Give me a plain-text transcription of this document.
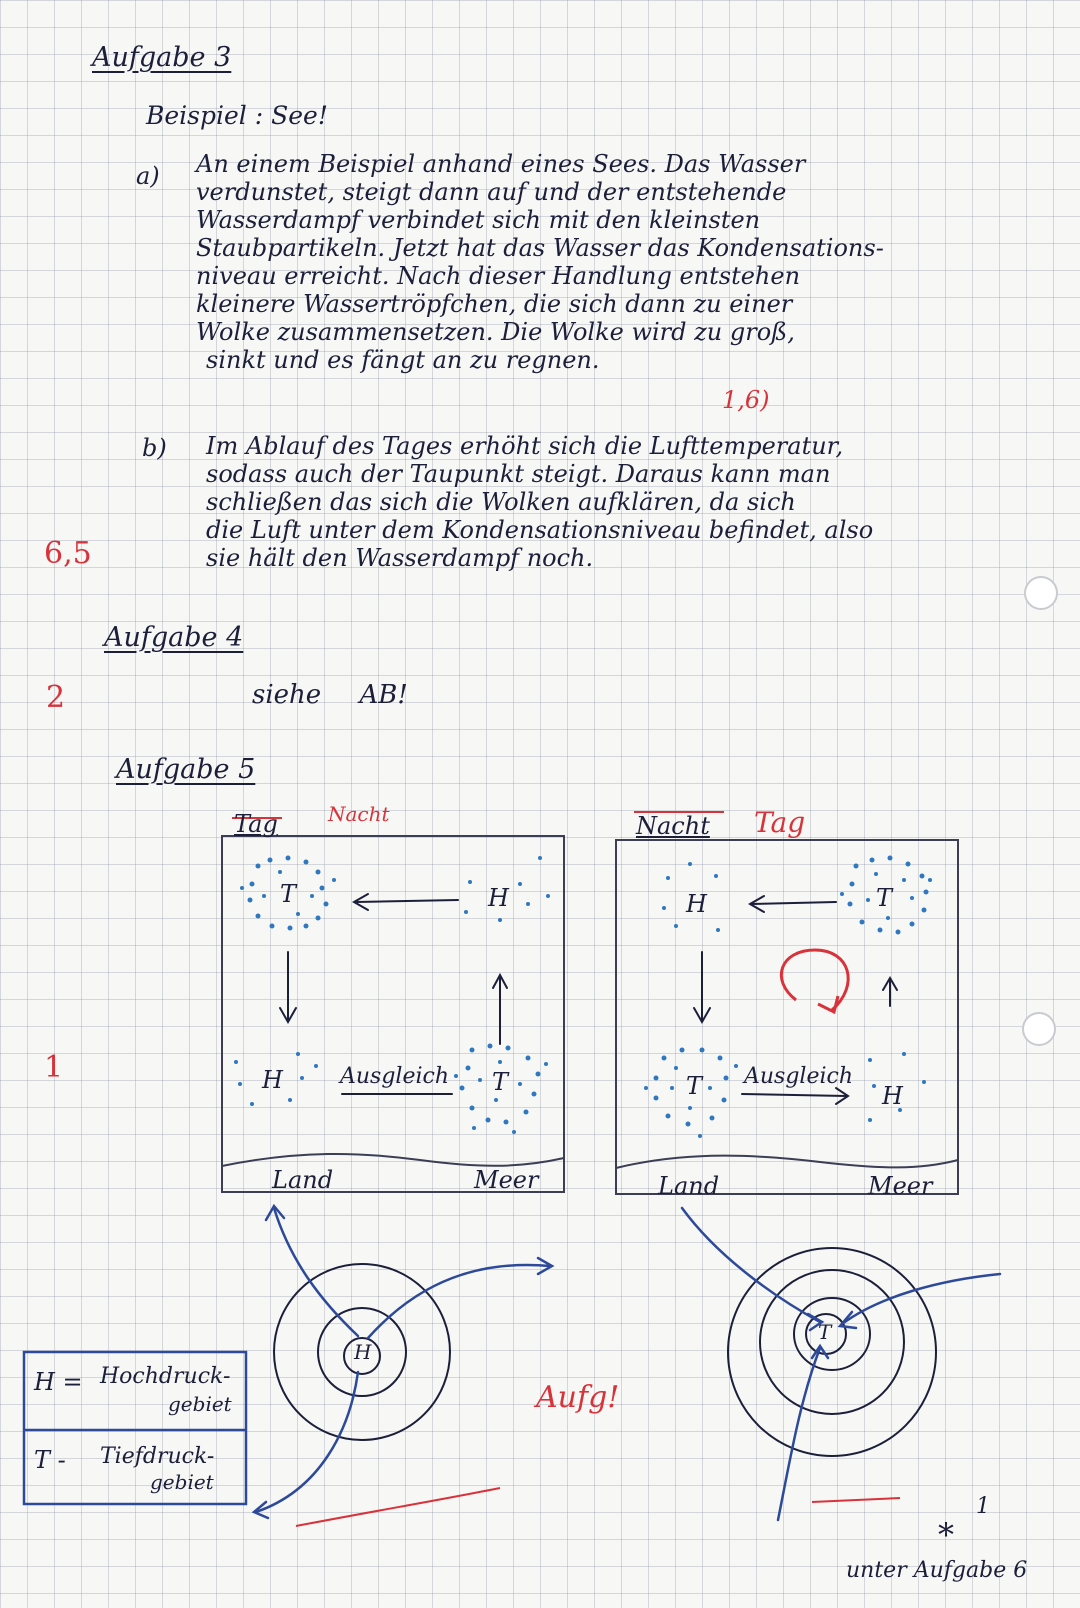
Aufgabe 3
Beispiel : See!
a) An einem Beispiel anhand eines Sees. Das Wasser
verdunstet, steigt dann auf und der entstehende
Wasserdampf verbindet sich mit den kleinsten
Staubpartikeln. Jetzt hat das Wasser das Kondensations-
niveau erreicht. Nach dieser Handlung entstehen
kleinere Wassertröpfchen, die sich dann zu einer
Wolke zusammensetzen. Die Wolke wird zu groß,
sinkt und es fängt an zu regnen.
1,6)
b) Im Ablauf des Tages erhöht sich die Lufttemperatur,
sodass auch der Taupunkt steigt. Daraus kann man
schließen das sich die Wolken aufklären, da sich
die Luft unter dem Kondensationsniveau befindet, also
sie hält den Wasserdampf noch.
6,5
Aufgabe 4
2	siehe AB!
Aufgabe 5
1
Tag	Nacht
T	H
H	T
Ausgleich
Land	Meer
Nacht Tag
H	T
T	H
Ausgleich
Land	Meer
H
T
H = Hochdruck-
gebiet
T - Tiefdruck-
gebiet
Aufg!
*
1
unter Aufgabe 6
